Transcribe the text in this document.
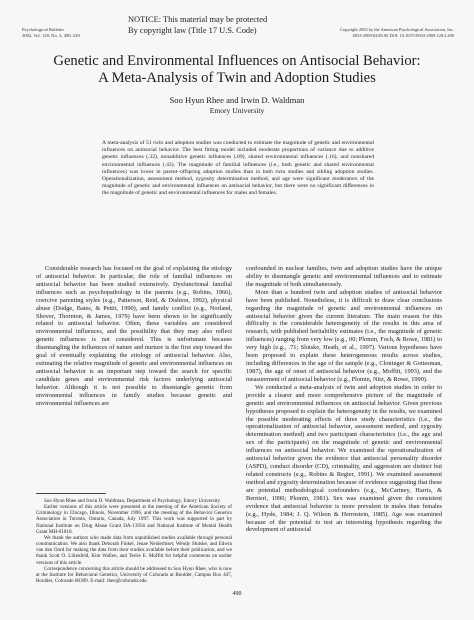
Psychological Bulletin
2002, Vol. 128, No. 3, 490–529
NOTICE: This material may be protected
By copyright law (Title 17 U.S. Code)	Copyright 2002 by the American Psychological Association, Inc.
0033-2909/02/$5.00 DOI: 10.1037//0033-2909.128.3.490
Genetic and Environmental Influences on Antisocial Behavior:
A Meta-Analysis of Twin and Adoption Studies
Soo Hyun Rhee and Irwin D. Waldman
Emory University

A meta-analysis of 51 twin and adoption studies was conducted to estimate the magnitude of genetic and environmental influences on antisocial behavior. The best fitting model included moderate proportions of variance due to additive genetic influences (.32), nonadditive genetic influences (.09), shared environmental influences (.16), and nonshared environmental influences (.43). The magnitude of familial influences (i.e., both genetic and shared environmental influences) was lower in parent–offspring adoption studies than in both twin studies and sibling adoption studies. Operationalization, assessment method, zygosity determination method, and age were significant moderators of the magnitude of genetic and environmental influences on antisocial behavior, but there were no significant differences in the magnitude of genetic and environmental influences for males and females.

Considerable research has focused on the goal of explaining the etiology of antisocial behavior. In particular, the role of familial influences on antisocial behavior has been studied extensively. Dysfunctional familial influences such as psychopathology in the parents (e.g., Robins, 1966), coercive parenting styles (e.g., Patterson, Reid, & Dishion, 1992), physical abuse (Dodge, Bates, & Pettit, 1990), and family conflict (e.g., Norland, Shover, Thornton, & James, 1979) have been shown to be significantly related to antisocial behavior. Often, these variables are considered environmental influences, and the possibility that they may also reflect genetic influences is not considered. This is unfortunate because disentangling the influences of nature and nurture is the first step toward the goal of eventually explaining the etiology of antisocial behavior. Also, estimating the relative magnitude of genetic and environmental influences on antisocial behavior is an important step toward the search for specific candidate genes and environmental risk factors underlying antisocial behavior. Although it is not possible to disentangle genetic from environmental influences in family studies because genetic and environmental influences are

Soo Hyun Rhee and Irwin D. Waldman, Department of Psychology, Emory University.

Earlier versions of this article were presented at the meeting of the American Society of Criminology in Chicago, Illinois, November 1996, and the meeting of the Behavior Genetics Association in Toronto, Ontario, Canada, July 1997. This work was supported in part by National Institute on Drug Abuse Grant DA-13956 and National Institute of Mental Health Grant MH-01818.

We thank the authors who made data from unpublished studies available through personal communication. We also thank Deborah Finkel, Jenae Neiderhiser, Wendy Slutske, and Edwin van den Oord for making the data from their studies available before their publication, and we thank Scott O. Lilienfeld, Kim Wallen, and Terrie E. Moffitt for helpful comments on earlier versions of this article.

Correspondence concerning this article should be addressed to Soo Hyun Rhee, who is now at the Institute for Behavioral Genetics, University of Colorado at Boulder, Campus Box 447, Boulder, Colorado 80309. E-mail: rhee@colorado.edu

confounded in nuclear families, twin and adoption studies have the unique ability to disentangle genetic and environmental influences and to estimate the magnitude of both simultaneously.

More than a hundred twin and adoption studies of antisocial behavior have been published. Nonetheless, it is difficult to draw clear conclusions regarding the magnitude of genetic and environmental influences on antisocial behavior given the current literature. The main reason for this difficulty is the considerable heterogeneity of the results in this area of research, with published heritability estimates (i.e., the magnitude of genetic influences) ranging from very low (e.g., 00; Plomin, Foch, & Rowe, 1981) to very high (e.g., .71; Slutske, Heath, et al., 1997). Various hypotheses have been proposed to explain these heterogeneous results across studies, including differences in the age of the sample (e.g., Cloninger & Gottesman, 1987), the age of onset of antisocial behavior (e.g., Moffitt, 1993), and the measurement of antisocial behavior (e.g., Plomin, Nitz, & Rowe, 1990).

We conducted a meta-analysis of twin and adoption studies in order to provide a clearer and more comprehensive picture of the magnitude of genetic and environmental influences on antisocial behavior. Given previous hypotheses proposed to explain the heterogeneity in the results, we examined the possible moderating effects of three study characteristics (i.e., the operationalization of antisocial behavior, assessment method, and zygosity determination method) and two participant characteristics (i.e., the age and sex of the participants) on the magnitude of genetic and environmental influences on antisocial behavior. We examined the operationalization of antisocial behavior given the evidence that antisocial personality disorder (ASPD), conduct disorder (CD), criminality, and aggression are distinct but related constructs (e.g., Robins & Regier, 1991). We examined assessment method and zygosity determination because of evidence suggesting that these are potential methodological confounders (e.g., McCartney, Harris, & Bernieri, 1990; Plomin, 1981). Sex was examined given the consistent evidence that antisocial behavior is more prevalent in males than females (e.g., Hyde, 1984; J. Q. Wilson & Herrnstein, 1985). Age was examined because of the potential to test an interesting hypothesis regarding the development of antisocial

490
